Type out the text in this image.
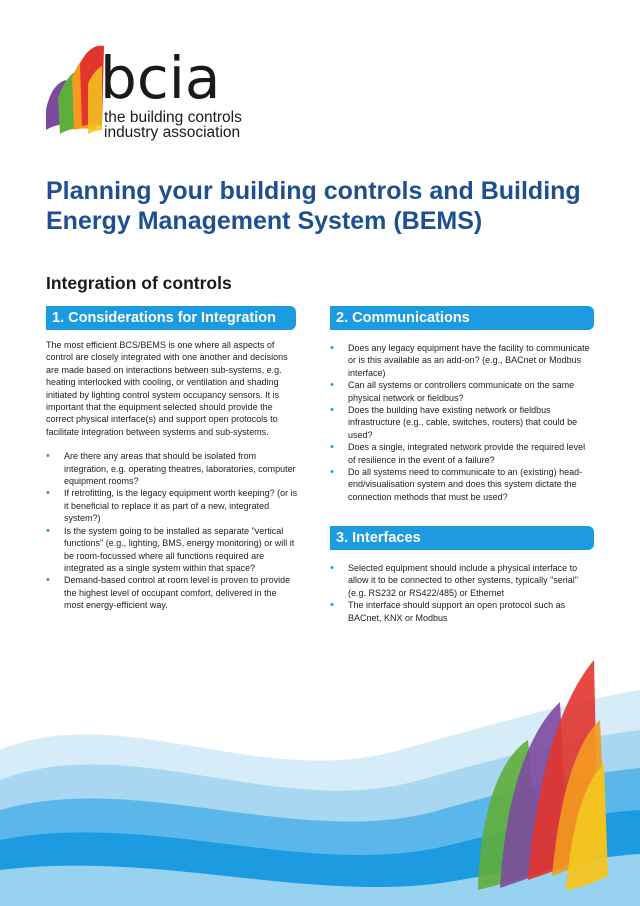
bcia
the building controls
industry association
Planning your building controls and Building Energy Management System (BEMS)
Integration of controls
1. Considerations for Integration

The most efficient BCS/BEMS is one where all aspects of control are closely integrated with one another and decisions are made based on interactions between sub-systems, e.g. heating interlocked with cooling, or ventilation and shading initiated by lighting control system occupancy sensors. It is important that the equipment selected should provide the correct physical interface(s) and support open protocols to facilitate integration between systems and sub-systems.

• Are there any areas that should be isolated from integration, e.g. operating theatres, laboratories, computer equipment rooms?
• If retrofitting, is the legacy equipment worth keeping? (or is it beneficial to replace it as part of a new, integrated system?)
• Is the system going to be installed as separate "vertical functions" (e.g., lighting, BMS, energy monitoring) or will it be room-focussed where all functions required are integrated as a single system within that space?
• Demand-based control at room level is proven to provide the highest level of occupant comfort, delivered in the most energy-efficient way.
2. Communications
• Does any legacy equipment have the facility to communicate or is this available as an add-on? (e.g., BACnet or Modbus interface)
• Can all systems or controllers communicate on the same physical network or fieldbus?
• Does the building have existing network or fieldbus infrastructure (e.g., cable, switches, routers) that could be used?
• Does a single, integrated network provide the required level of resilience in the event of a failure?
• Do all systems need to communicate to an (existing) head-end/visualisation system and does this system dictate the connection methods that must be used?
3. Interfaces
• Selected equipment should include a physical interface to allow it to be connected to other systems, typically "serial" (e.g. RS232 or RS422/485) or Ethernet
• The interface should support an open protocol such as BACnet, KNX or Modbus
